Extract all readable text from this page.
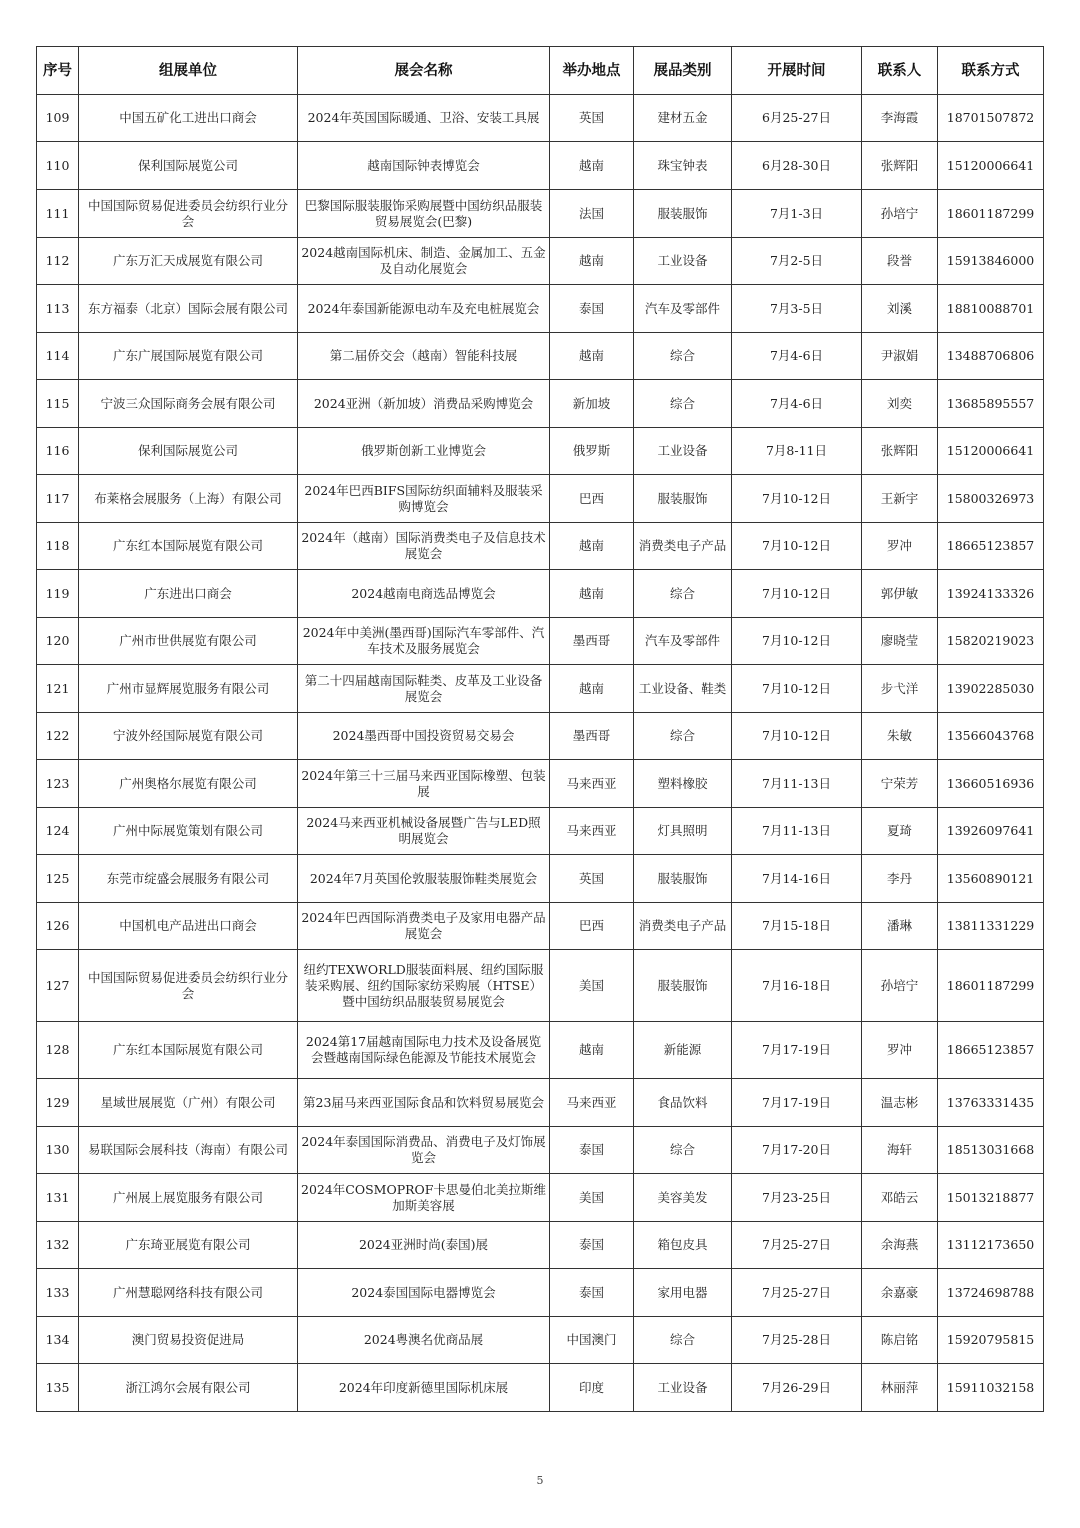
序号	组展单位	展会名称	举办地点	展品类别	开展时间	联系人	联系方式
109	中国五矿化工进出口商会	2024年英国国际暖通、卫浴、安装工具展	英国	建材五金	6月25-27日	李海霞	18701507872
110	保利国际展览公司	越南国际钟表博览会	越南	珠宝钟表	6月28-30日	张辉阳	15120006641
111	中国国际贸易促进委员会纺织行业分会	巴黎国际服装服饰采购展暨中国纺织品服装贸易展览会(巴黎)	法国	服装服饰	7月1-3日	孙培宁	18601187299
112	广东万汇天成展览有限公司	2024越南国际机床、制造、金属加工、五金及自动化展览会	越南	工业设备	7月2-5日	段誉	15913846000
113	东方福泰（北京）国际会展有限公司	2024年泰国新能源电动车及充电桩展览会	泰国	汽车及零部件	7月3-5日	刘溪	18810088701
114	广东广展国际展览有限公司	第二届侨交会（越南）智能科技展	越南	综合	7月4-6日	尹淑娟	13488706806
115	宁波三众国际商务会展有限公司	2024亚洲（新加坡）消费品采购博览会	新加坡	综合	7月4-6日	刘奕	13685895557
116	保利国际展览公司	俄罗斯创新工业博览会	俄罗斯	工业设备	7月8-11日	张辉阳	15120006641
117	布莱格会展服务（上海）有限公司	2024年巴西BIFS国际纺织面辅料及服装采购博览会	巴西	服装服饰	7月10-12日	王新宇	15800326973
118	广东红本国际展览有限公司	2024年（越南）国际消费类电子及信息技术展览会	越南	消费类电子产品	7月10-12日	罗冲	18665123857
119	广东进出口商会	2024越南电商选品博览会	越南	综合	7月10-12日	郭伊敏	13924133326
120	广州市世供展览有限公司	2024年中美洲(墨西哥)国际汽车零部件、汽车技术及服务展览会	墨西哥	汽车及零部件	7月10-12日	廖晓莹	15820219023
121	广州市显辉展览服务有限公司	第二十四届越南国际鞋类、皮革及工业设备展览会	越南	工业设备、鞋类	7月10-12日	步弋洋	13902285030
122	宁波外经国际展览有限公司	2024墨西哥中国投资贸易交易会	墨西哥	综合	7月10-12日	朱敏	13566043768
123	广州奥格尔展览有限公司	2024年第三十三届马来西亚国际橡塑、包装展	马来西亚	塑料橡胶	7月11-13日	宁荣芳	13660516936
124	广州中际展览策划有限公司	2024马来西亚机械设备展暨广告与LED照明展览会	马来西亚	灯具照明	7月11-13日	夏琦	13926097641
125	东莞市绽盛会展服务有限公司	2024年7月英国伦敦服装服饰鞋类展览会	英国	服装服饰	7月14-16日	李丹	13560890121
126	中国机电产品进出口商会	2024年巴西国际消费类电子及家用电器产品展览会	巴西	消费类电子产品	7月15-18日	潘琳	13811331229
127	中国国际贸易促进委员会纺织行业分会	纽约TEXWORLD服装面料展、纽约国际服装采购展、纽约国际家纺采购展（HTSE）暨中国纺织品服装贸易展览会	美国	服装服饰	7月16-18日	孙培宁	18601187299
128	广东红本国际展览有限公司	2024第17届越南国际电力技术及设备展览会暨越南国际绿色能源及节能技术展览会	越南	新能源	7月17-19日	罗冲	18665123857
129	星域世展展览（广州）有限公司	第23届马来西亚国际食品和饮料贸易展览会	马来西亚	食品饮料	7月17-19日	温志彬	13763331435
130	易联国际会展科技（海南）有限公司	2024年泰国国际消费品、消费电子及灯饰展览会	泰国	综合	7月17-20日	海轩	18513031668
131	广州展上展览服务有限公司	2024年COSMOPROF卡思曼伯北美拉斯维加斯美容展	美国	美容美发	7月23-25日	邓皓云	15013218877
132	广东琦亚展览有限公司	2024亚洲时尚(泰国)展	泰国	箱包皮具	7月25-27日	余海燕	13112173650
133	广州慧聪网络科技有限公司	2024泰国国际电器博览会	泰国	家用电器	7月25-27日	余嘉豪	13724698788
134	澳门贸易投资促进局	2024粤澳名优商品展	中国澳门	综合	7月25-28日	陈启铭	15920795815
135	浙江鸿尔会展有限公司	2024年印度新德里国际机床展	印度	工业设备	7月26-29日	林丽萍	15911032158
5
